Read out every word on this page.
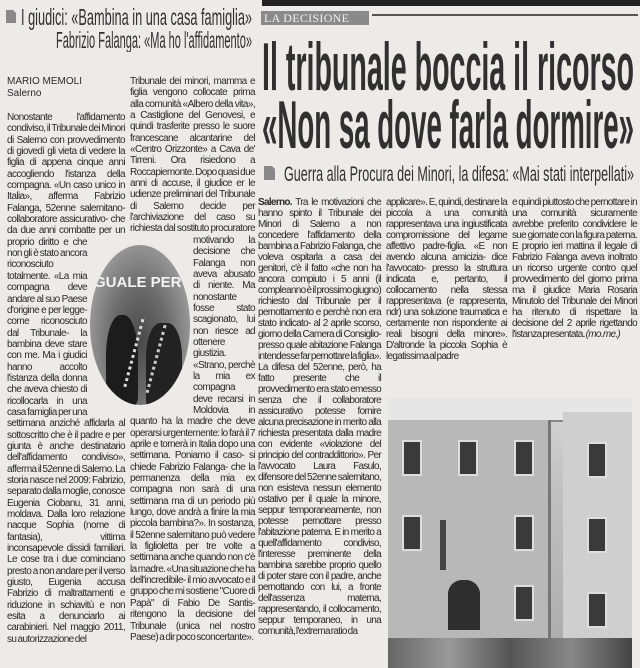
I giudici: «Bambina in una casa famiglia»
Fabrizio Falanga: «Ma ho l'affidamento»

MARIO MEMOLI
Salerno

Nonostante l'affidamento condiviso, il Tribunale dei Minori di Salerno con provvedimento di giovedì gli vieta di vedere la figlia di appena cinque anni accogliendo l'istanza della compagna. «Un caso unico in Italia», afferma Fabrizio Falanga, 52enne salernitano- collaboratore assicurativo- che da due anni combatte per un proprio diritto e che non gli è stato ancora riconosciuto totalmente. «La mia compagna deve andare al suo Paese d'origine e per legge- come riconosciuto dal Tribunale- la bambina deve stare con me. Ma i giudici hanno accolto l'istanza della donna che aveva chiesto di ricollocarla in una casa famiglia per una settimana anziché affidarla al sottoscritto che è il padre e per giunta è anche destinatario dell'affidamento condiviso», afferma il 52enne di Salerno. La storia nasce nel 2009: Fabrizio, separato dalla moglie, conosce Eugenia Ciobanu, 31 anni, moldava. Dalla loro relazione nacque Sophia (nome di fantasia), vittima inconsapevole dissidi familiari. Le cose tra i due cominciano presto a non andare per il verso giusto, Eugenia accusa Fabrizio di maltrattamenti e riduzione in schiavitù e non esita a denunciarlo ai carabinieri. Nel maggio 2011, su autorizzazione del

Tribunale dei minori, mamma e figlia vengono collocate prima alla comunità «Albero della vita», a Castiglione del Genovesi, e quindi trasferite presso le suore francescane alcantarine del «Centro Orizzonte» a Cava de' Tirreni. Ora risiedono a Roccapiemonte. Dopo quasi due anni di accuse, il giudice er le udienze preliminari del Tribunale di Salerno decide per l'archiviazione del caso su richiesta dal sostituto procuratore motivando la decisione che Falanga non aveva abusato di niente. Ma nonostante fosse stato scagionato, lui non riesce ad ottenere giustizia. «Strano, perchè la mia ex compagna deve recarsi in Moldovia in quanto ha la madre che deve operarsi urgentemente: lo farà il 7 aprile e tornerà in Italia dopo una settimana. Poniamo il caso- si chiede Fabrizio Falanga- che la permanenza della mia ex compagna non sarà di una settimana ma di un periodo più lungo, dove andrà a finire la mia piccola bambina?». In sostanza, il 52enne salernitano può vedere la figlioletta per tre volte a settimana anche quando non c'è la madre. «Una situazione che ha dell'incredibile- il mio avvocato e il gruppo che mi sostiene "Cuore di Papà" di Fabio De Santis- ritengono la decisione del Tribunale (unica nel nostro Paese) a dir poco sconcertante».

GUALE PER
LA DECISIONE
Il tribunale boccia il ricorso
«Non sa dove farla dormire»
Guerra alla Procura dei Minori, la difesa: «Mai stati interpellati»

Salerno. Tra le motivazioni che hanno spinto il Tribunale dei Minori di Salerno a non concedere l'affidamento della bambina a Fabrizio Falanga, che voleva ospitarla a casa dei genitori, c'è il fatto «che non ha ancora compiuto i 5 anni (il compleanno è il prossimo giugno) richiesto dal Tribunale per il pernottamento e perchè non era stato indicato- al 2 aprile scorso, giorno della Camera di Consiglio- presso quale abitazione Falanga intendesse far pernottare la figlia». La difesa del 52enne, però, ha fatto presente che il provvedimento era stato emesso senza che il collaboratore assicurativo potesse fornire alcuna precisazione in merito alla richiesta presentata dalla madre con evidente «violazione del principio del contraddittorio». Per l'avvocato Laura Fasulo, difensore del 52enne salernitano, non esisteva nessun elemento ostativo per il quale la minore, seppur temporaneamente, non potesse pernottare presso l'abitazione paterna. E in merito a quell'affidamento condiviso, l'interesse preminente della bambina sarebbe proprio quello di poter stare con il padre, anche pernottando con lui, a fronte dell'assenza materna, rappresentando, il collocamento, seppur temporaneo, in una comunità, l'extrema ratio da

applicare». E, quindi, destinare la piccola a una comunità rappresentava una ingiustificata compromissione del legame affettivo padre-figlia. «E non avendo alcuna amicizia- dice l'avvocato- presso la struttura indicata e, pertanto, il collocamento nella stessa rappresentava (e rappresenta, ndr) una soluzione traumatica e certamente non rispondente ai reali bisogni della minore». D'altronde la piccola Sophia è legatissima al padre

e quindi piuttosto che pernottare in una comunità sicuramente avrebbe preferito condividere le sue giornate con la figura paterna. E proprio ieri mattina il legale di Fabrizio Falanga aveva inoltrato un ricorso urgente contro quel provvedimento del giorno prima ma il giudice Maria Rosaria Minutolo del Tribunale dei Minori ha ritenuto di rispettare la decisione del 2 aprile rigettando l'istanza presentata. (mo.me.)
